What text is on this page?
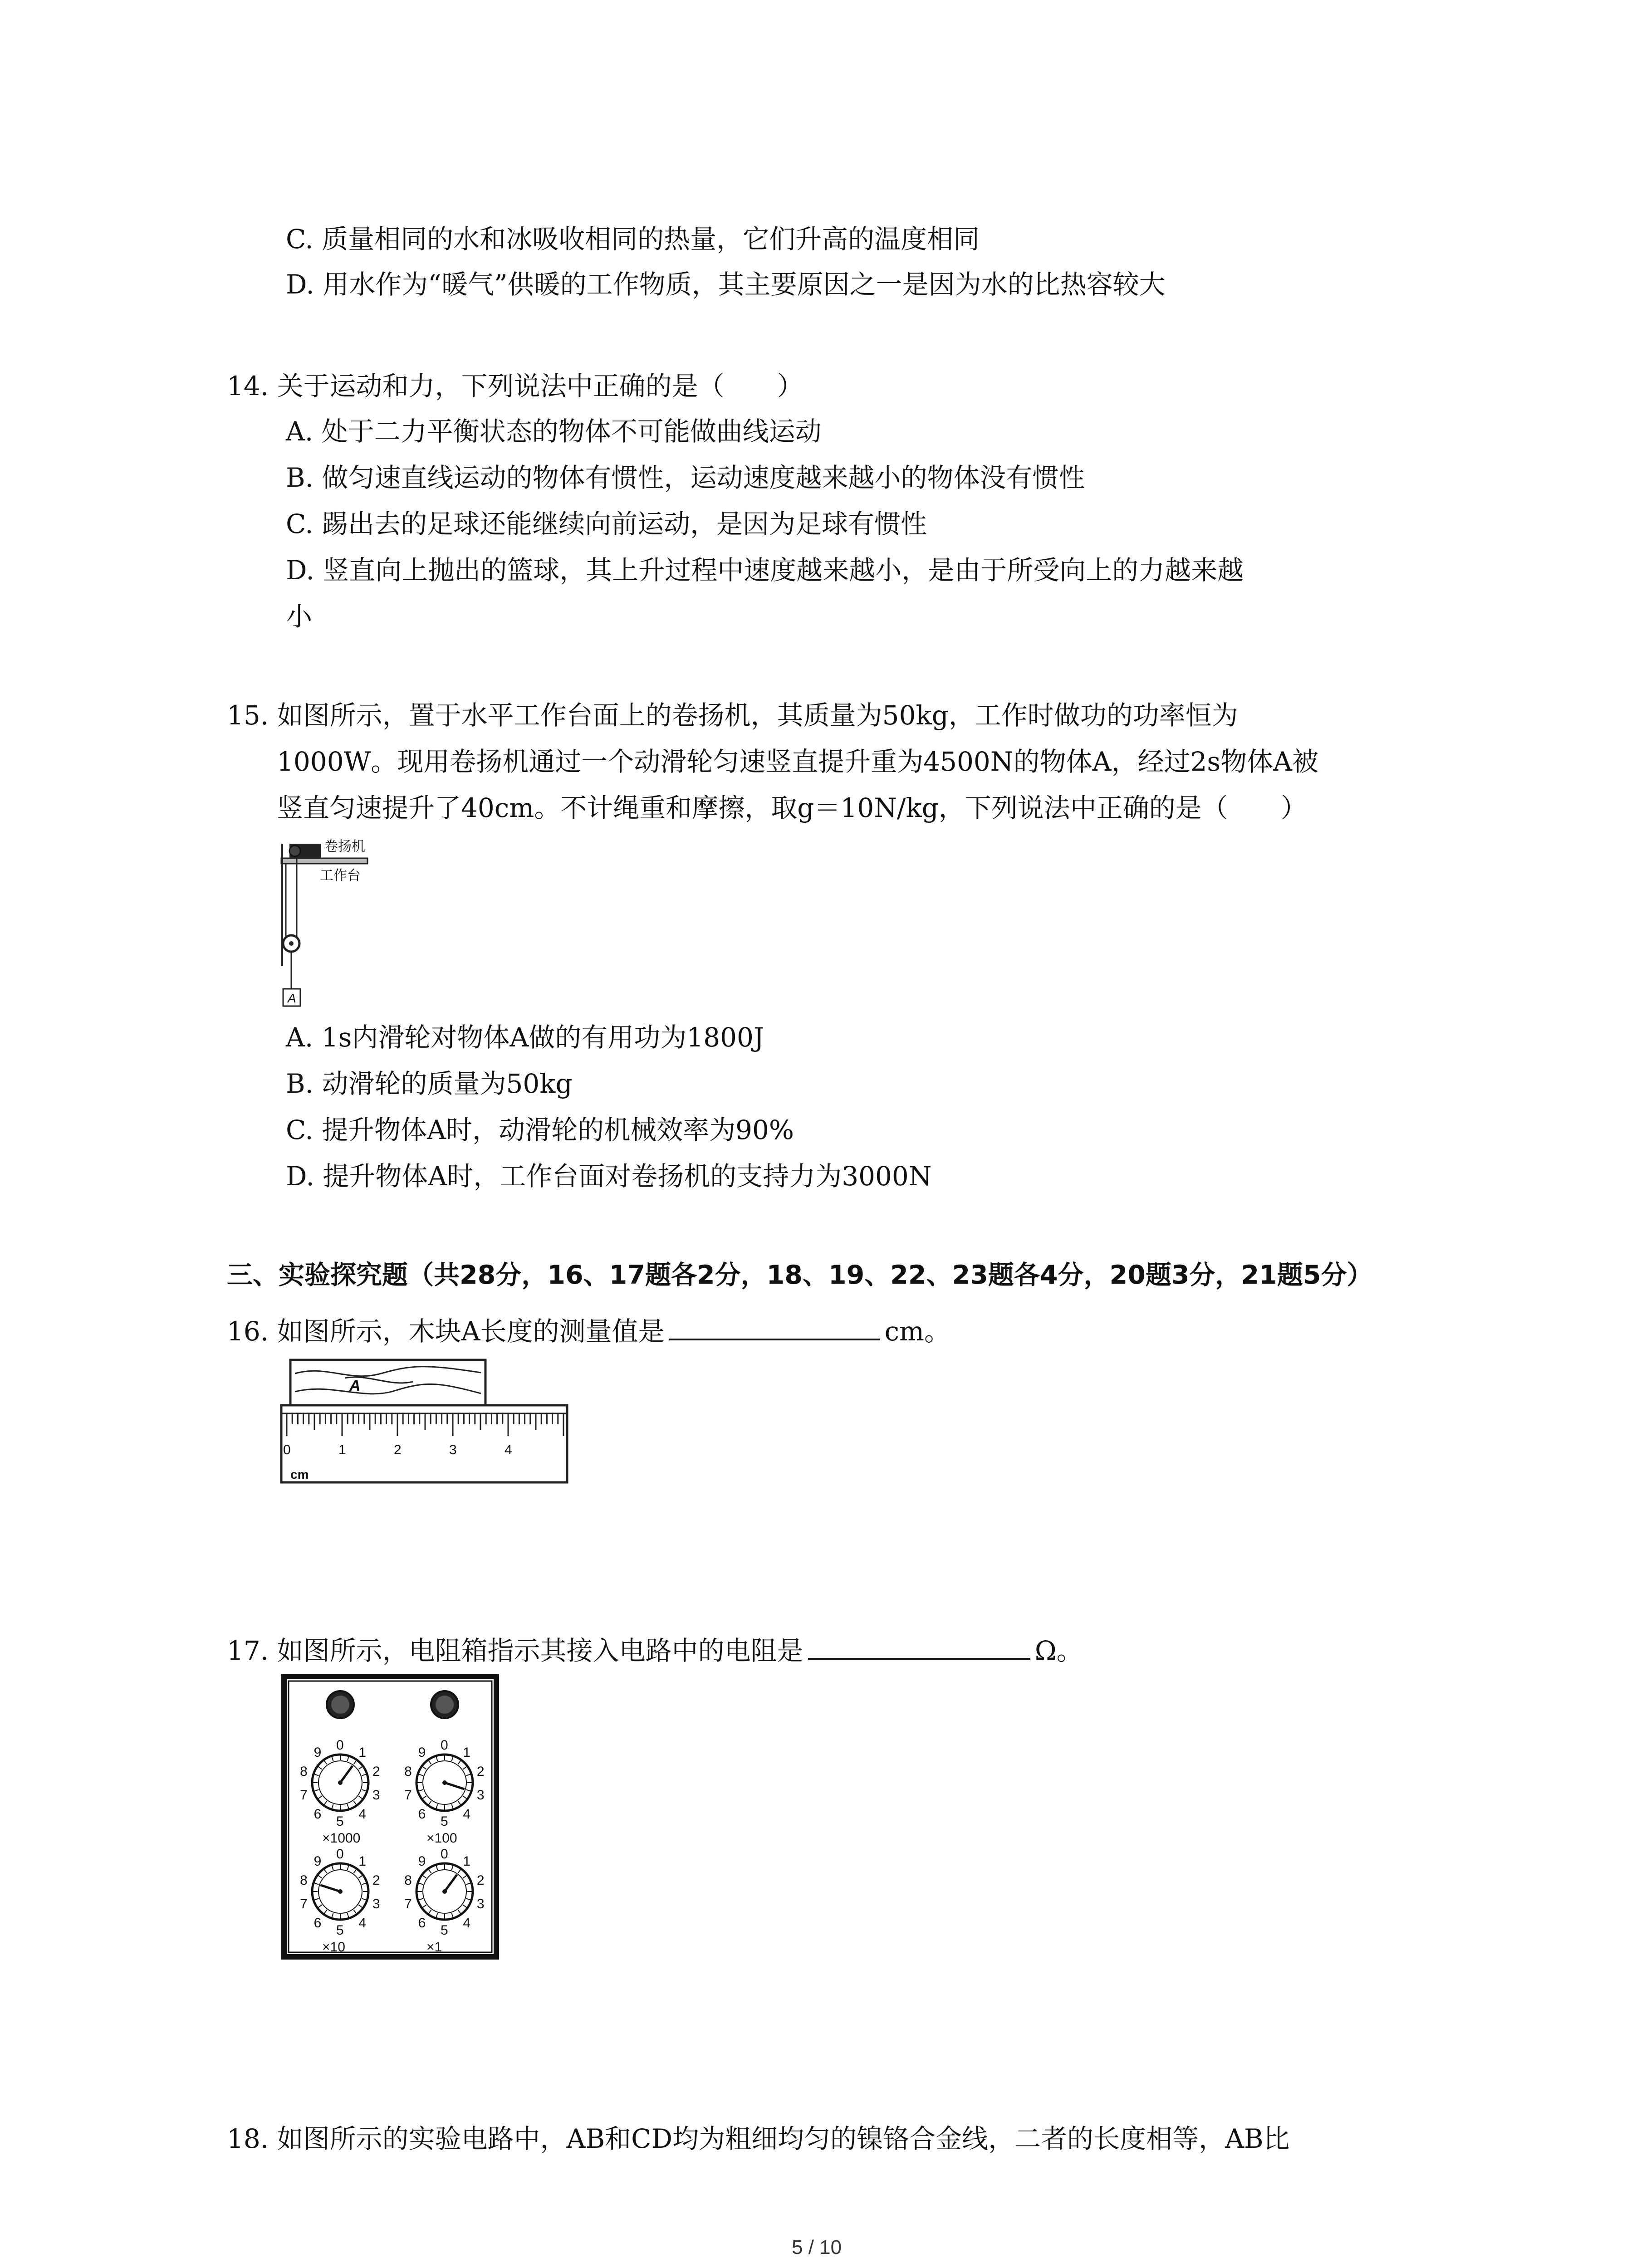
C. 质量相同的水和冰吸收相同的热量，它们升高的温度相同
D. 用水作为“暖气”供暖的工作物质，其主要原因之一是因为水的比热容较大
14. 关于运动和力，下列说法中正确的是（　　）
A. 处于二力平衡状态的物体不可能做曲线运动
B. 做匀速直线运动的物体有惯性，运动速度越来越小的物体没有惯性
C. 踢出去的足球还能继续向前运动，是因为足球有惯性
D. 竖直向上抛出的篮球，其上升过程中速度越来越小，是由于所受向上的力越来越
小
15. 如图所示，置于水平工作台面上的卷扬机，其质量为50kg，工作时做功的功率恒为
1000W。现用卷扬机通过一个动滑轮匀速竖直提升重为4500N的物体A，经过2s物体A被
竖直匀速提升了40cm。不计绳重和摩擦，取g＝10N/kg，下列说法中正确的是（　　）
卷扬机
工作台
A
A. 1s内滑轮对物体A做的有用功为1800J
B. 动滑轮的质量为50kg
C. 提升物体A时，动滑轮的机械效率为90%
D. 提升物体A时，工作台面对卷扬机的支持力为3000N
三、实验探究题（共28分，16、17题各2分，18、19、22、23题各4分，20题3分，21题5分）
16. 如图所示，木块A长度的测量值是	cm。
A
0	1	2	3	4
cm
17. 如图所示，电阻箱指示其接入电路中的电阻是	Ω。
0 1
2
3
4
5
6
7
8
9
×1000
0 1
2
3
4
5
6
7
8
9
×100
0 1
2
3
4
5
6
7
8
9
×10
0 1
2
3
4
5
6
7
8
9
×1
18. 如图所示的实验电路中，AB和CD均为粗细均匀的镍铬合金线，二者的长度相等，AB比
5 / 10
